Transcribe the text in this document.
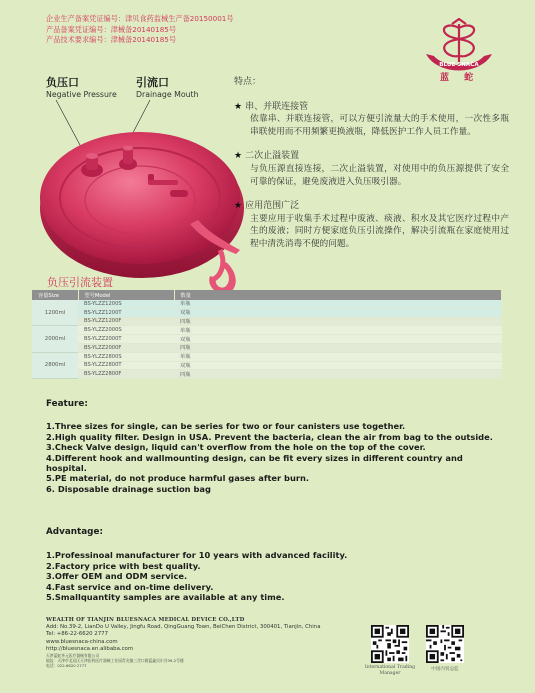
企业生产备案凭证编号：津贝食药监械生产备20150001号
产品备案凭证编号：津械备20140185号
产品技术要求编号：津械备20140185号
BLUE SNACA
蓝 蛇
负压口
Negative Pressure
引流口
Drainage Mouth
特点：
★ 串、并联连接管
依靠串、并联连接管，可以方便引流量大的手术使用，一次性多瓶串联使用而不用频繁更换液瓶，降低医护工作人员工作量。
★ 二次止溢装置
与负压源直接连接，二次止溢装置，对使用中的负压源提供了安全可靠的保证，避免废液进入负压吸引器。
★ 应用范围广泛
主要应用于收集手术过程中废液、痰液、积水及其它医疗过程中产生的废液；同时方便家庭负压引流操作，解决引流瓶在家庭使用过程中清洗消毒不便的问题。
负压引流装置
容量Size	型号Model	数量
1200ml	BS-YLZZ1200S	单瓶
	BS-YLZZ1200T	双瓶
	BS-YLZZ1200F	四瓶
2000ml	BS-YLZZ2000S	单瓶
	BS-YLZZ2000T	双瓶
	BS-YLZZ2000F	四瓶
2800ml	BS-YLZZ2800S	单瓶
	BS-YLZZ2800T	双瓶
	BS-YLZZ2800F	四瓶
Feature:
1.Three sizes for single, can be series for two or four canisters use together.
2.High quality filter. Design in USA. Prevent the bacteria, clean the air from bag to the outside.
3.Check Valve design, liquid can't overflow from the hole on the top of the cover.
4.Different hook and wallmounting design, can be fit every sizes in different country and hospital.
5.PE material, do not produce harmful gases after burn.
6. Disposable drainage suction bag
Advantage:
1.Professinoal manufacturer for 10 years with advanced facility.
2.Factory price with best quality.
3.Offer OEM and ODM service.
4.Fast service and on-time delivery.
5.Smallquantity samples are available at any time.
WEALTH OF TIANJIN BLUESNACA MEDICAL DEVICE CO.,LTD
Add: No.39-2, LianDo U Valley, Jingfu Road, QingGuang Town, BeiChen District, 300401, Tianjin, China
Tel: +86-22-6620 2777
www.bluesnaca-china.com
http://bluesnaca.en.alibaba.com
天津蓝蛇华元医疗器械有限公司
地址：天津市北辰区天津医药医疗器械工业园青光镇三岔口路蓝鑫贝尔谷39-2号楼
电话：022-6620 2777	International Trading Manager
中国内贸总监
